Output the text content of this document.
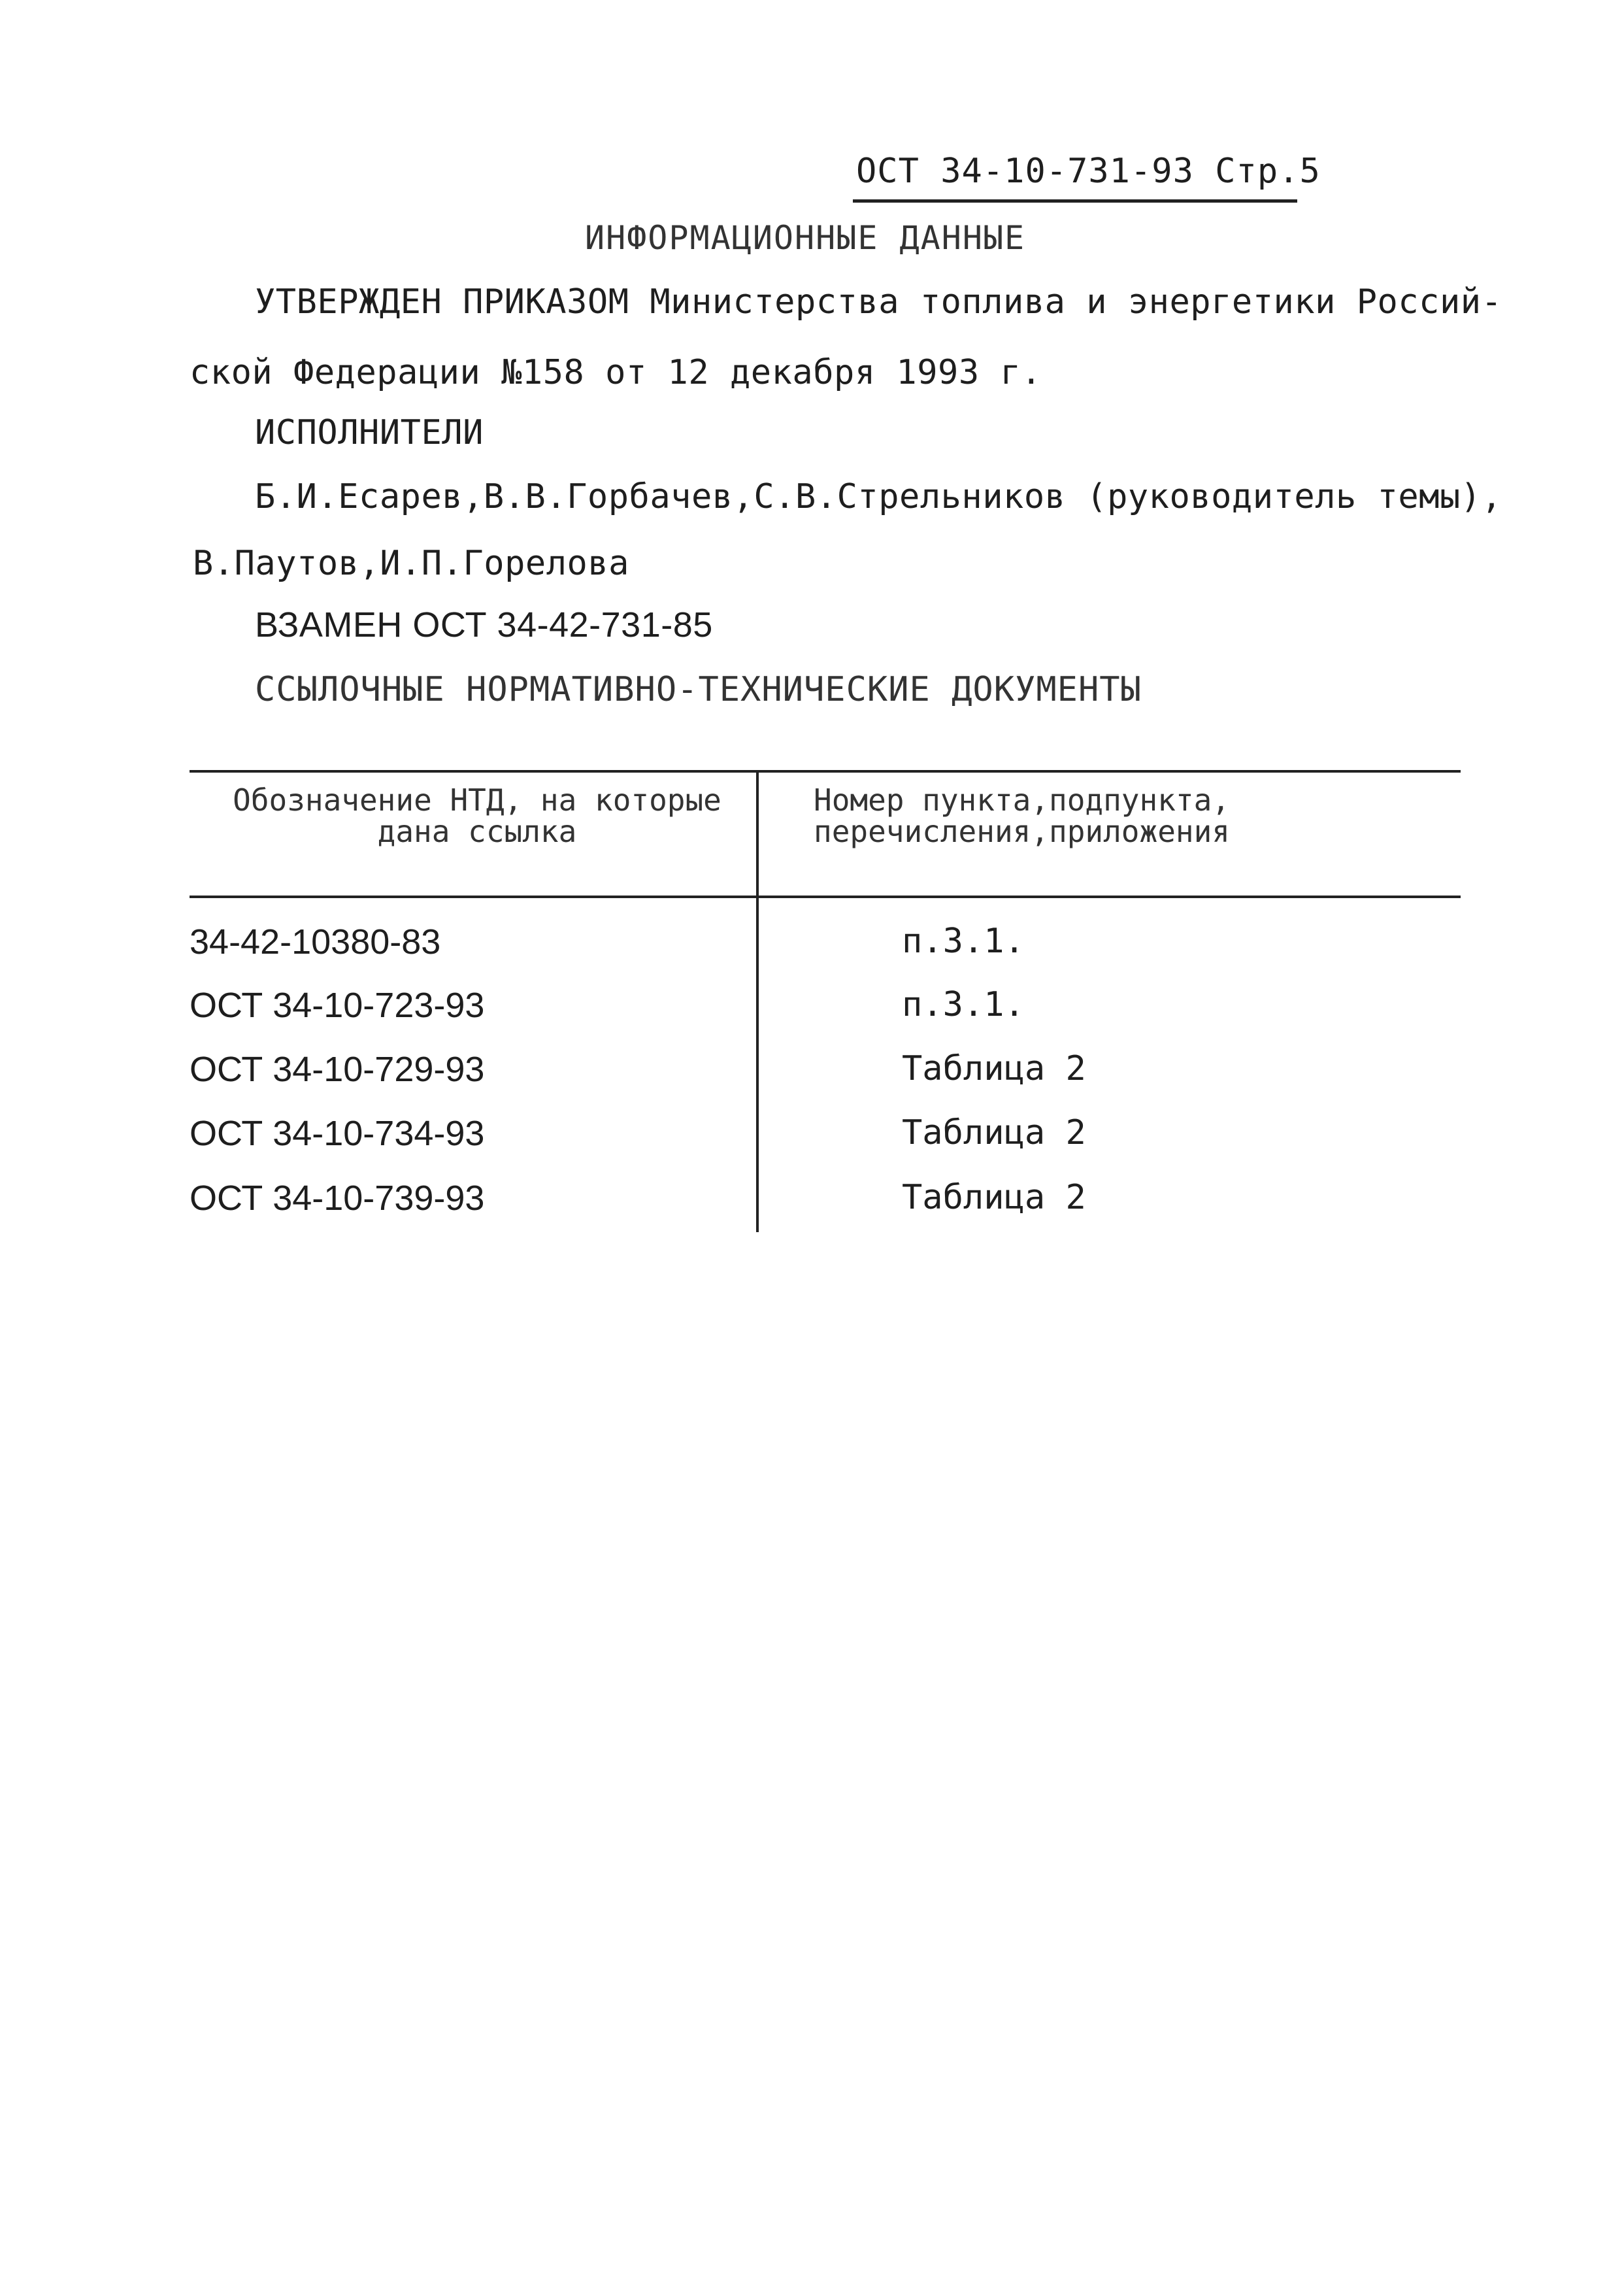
ОСТ 34-10-731-93 Стр.5
ИНФОРМАЦИОННЫЕ ДАННЫЕ
УТВЕРЖДЕН ПРИКАЗОМ Министерства топлива и энергетики Россий-
ской Федерации №158 от 12 декабря 1993 г.
ИСПОЛНИТЕЛИ
Б.И.Есарев,В.В.Горбачев,С.В.Стрельников (руководитель темы),
В.Паутов,И.П.Горелова
ВЗАМЕН ОСТ 34-42-731-85
ССЫЛОЧНЫЕ НОРМАТИВНО-ТЕХНИЧЕСКИЕ ДОКУМЕНТЫ
Обозначение НТД, на которые дана ссылка
Номер пункта,подпункта, перечисления,приложения
34-42-10380-83	п.3.1.
ОСТ 34-10-723-93	п.3.1.
ОСТ 34-10-729-93	Таблица 2
ОСТ 34-10-734-93	Таблица 2
ОСТ 34-10-739-93	Таблица 2
